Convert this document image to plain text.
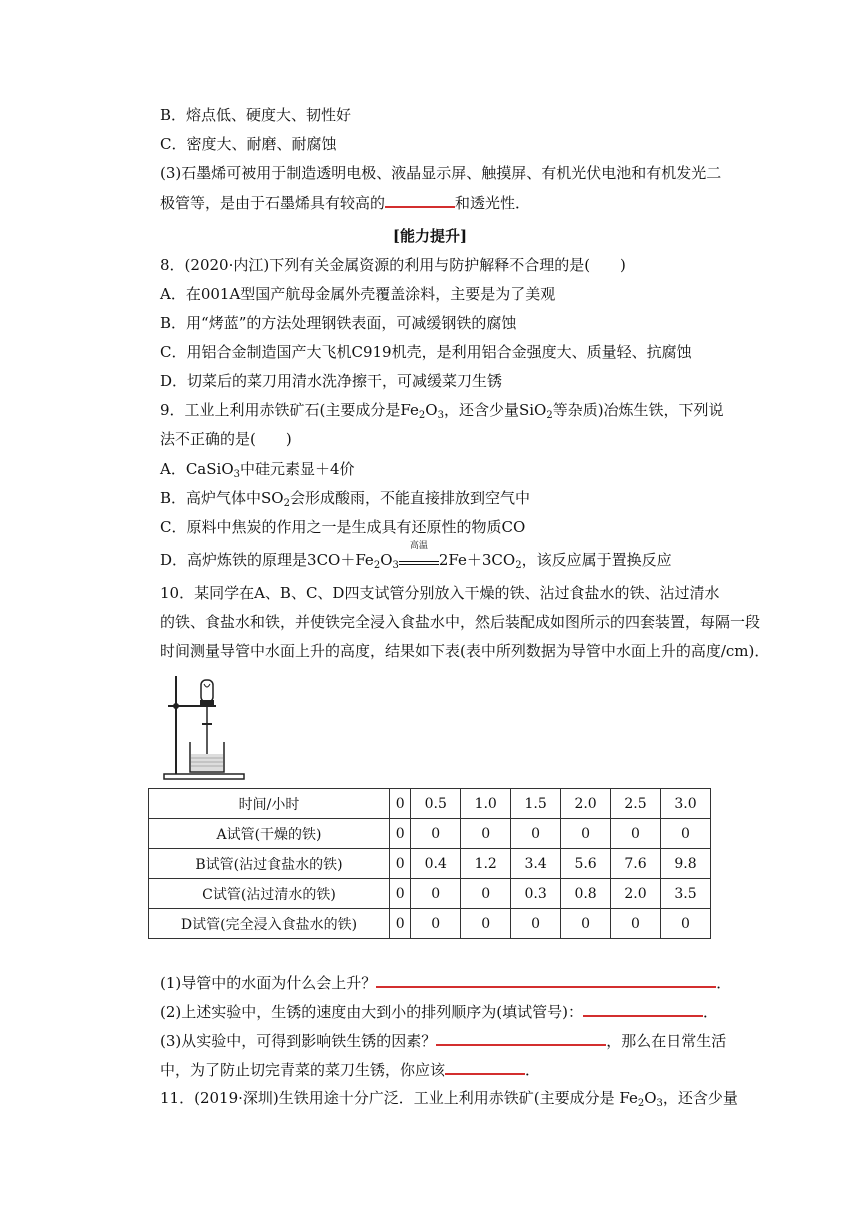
B．熔点低、硬度大、韧性好
C．密度大、耐磨、耐腐蚀
(3)石墨烯可被用于制造透明电极、液晶显示屏、触摸屏、有机光伏电池和有机发光二
极管等，是由于石墨烯具有较高的	和透光性．
[能力提升]
8．(2020·内江)下列有关金属资源的利用与防护解释不合理的是(　　)
A．在001A型国产航母金属外壳覆盖涂料，主要是为了美观
B．用“烤蓝”的方法处理钢铁表面，可减缓钢铁的腐蚀
C．用铝合金制造国产大飞机C919机壳，是利用铝合金强度大、质量轻、抗腐蚀
D．切菜后的菜刀用清水洗净擦干，可减缓菜刀生锈
9．工业上利用赤铁矿石(主要成分是$Fe_2O_3$，还含少量SiO$_2$等杂质)冶炼生铁，下列说
法不正确的是(　　)
A．CaSiO$_3$中硅元素显＋4价
B．高炉气体中$SO_2$会形成酸雨，不能直接排放到空气中
C．原料中焦炭的作用之一是生成具有还原性的物质CO
D．高炉炼铁的原理是$3CO+Fe_2O_3$
高温
$2Fe+3CO_2$，该反应属于置换反应
10．某同学在A、B、C、D四支试管分别放入干燥的铁、沾过食盐水的铁、沾过清水
的铁、食盐水和铁，并使铁完全浸入食盐水中，然后装配成如图所示的四套装置，每隔一段
时间测量导管中水面上升的高度，结果如下表(表中所列数据为导管中水面上升的高度/cm)．
时间/小时	0	0.5	1.0	1.5	2.0	2.5	3.0
A试管(干燥的铁)	0	0	0	0	0	0	0
B试管(沾过食盐水的铁)	0	0.4	1.2	3.4	5.6	7.6	9.8
C试管(沾过清水的铁)	0	0	0	0.3	0.8	2.0	3.5
D试管(完全浸入食盐水的铁)	0	0	0	0	0	0	0
(1)导管中的水面为什么会上升？	．
(2)上述实验中，生锈的速度由大到小的排列顺序为(填试管号)：	．
(3)从实验中，可得到影响铁生锈的因素？	，那么在日常生活
中，为了防止切完青菜的菜刀生锈，你应该	．
11．(2019·深圳)生铁用途十分广泛．工业上利用赤铁矿(主要成分是 $Fe_2O_3$，还含少量
